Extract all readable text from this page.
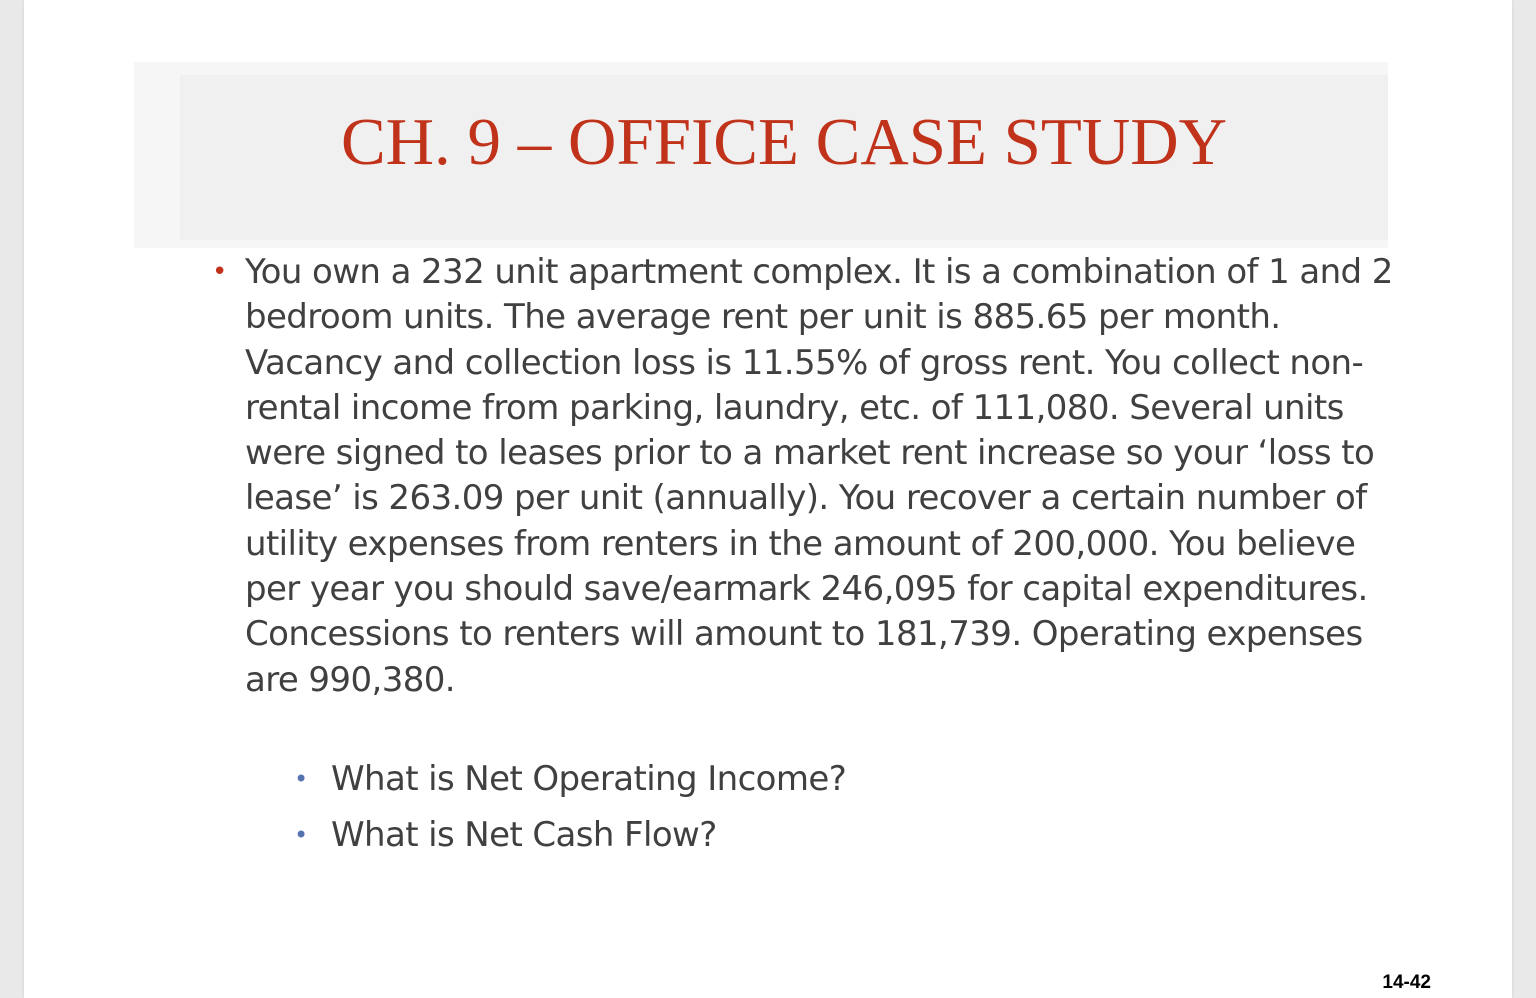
CH. 9 – OFFICE CASE STUDY
• You own a 232 unit apartment complex. It is a combination of 1 and 2 bedroom units. The average rent per unit is 885.65 per month. Vacancy and collection loss is 11.55% of gross rent. You collect non-rental income from parking, laundry, etc. of 111,080. Several units were signed to leases prior to a market rent increase so your ‘loss to lease’ is 263.09 per unit (annually). You recover a certain number of utility expenses from renters in the amount of 200,000. You believe per year you should save/earmark 246,095 for capital expenditures. Concessions to renters will amount to 181,739. Operating expenses are 990,380.

• What is Net Operating Income?
• What is Net Cash Flow?
14-42
